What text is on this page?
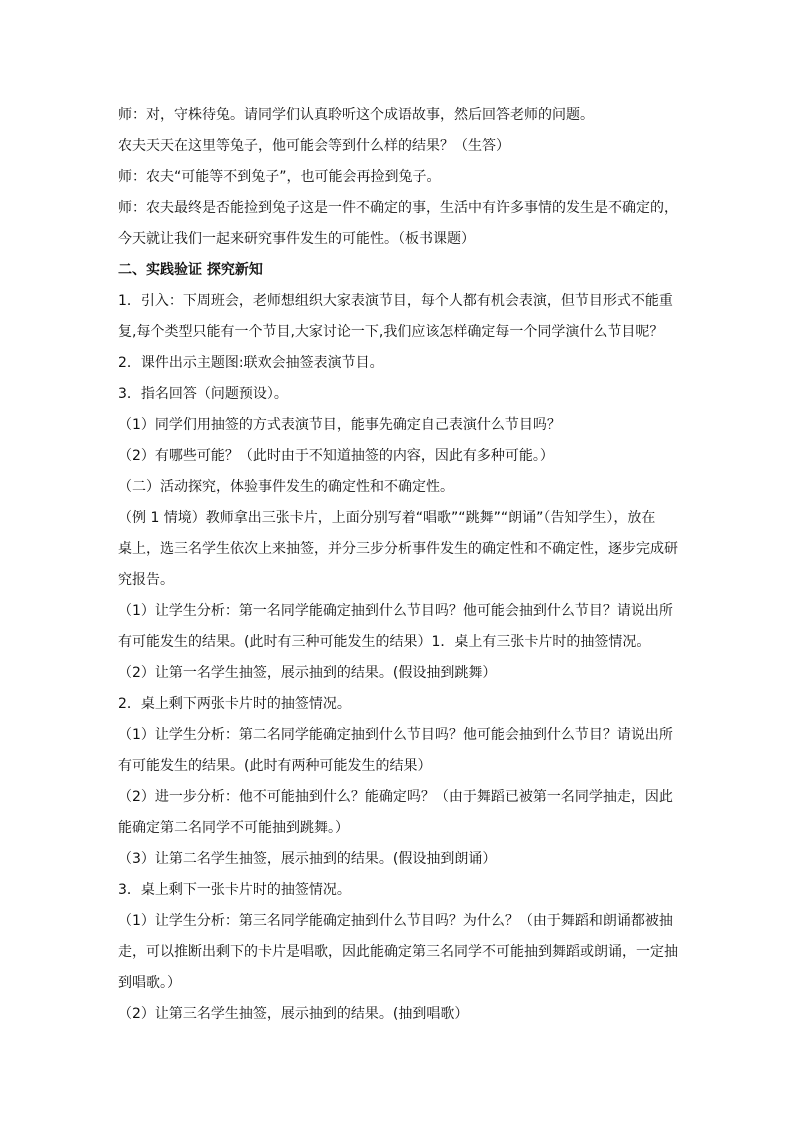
师：对，守株待兔。请同学们认真聆听这个成语故事，然后回答老师的问题。
农夫天天在这里等兔子，他可能会等到什么样的结果？（生答）
师：农夫“可能等不到兔子”，也可能会再捡到兔子。
师：农夫最终是否能捡到兔子这是一件不确定的事，生活中有许多事情的发生是不确定的，
今天就让我们一起来研究事件发生的可能性。（板书课题）
二、实践验证 探究新知
1．引入：下周班会，老师想组织大家表演节目，每个人都有机会表演，但节目形式不能重
复,每个类型只能有一个节目,大家讨论一下,我们应该怎样确定每一个同学演什么节目呢？
2．课件出示主题图:联欢会抽签表演节目。
3．指名回答（问题预设）。
（1）同学们用抽签的方式表演节目，能事先确定自己表演什么节目吗？
（2）有哪些可能？（此时由于不知道抽签的内容，因此有多种可能。）
（二）活动探究，体验事件发生的确定性和不确定性。
（例 1 情境）教师拿出三张卡片，上面分别写着“唱歌”“跳舞”“朗诵”（告知学生），放在
桌上，选三名学生依次上来抽签，并分三步分析事件发生的确定性和不确定性，逐步完成研
究报告。
（1）让学生分析：第一名同学能确定抽到什么节目吗？他可能会抽到什么节目？请说出所
有可能发生的结果。(此时有三种可能发生的结果）1．桌上有三张卡片时的抽签情况。
（2）让第一名学生抽签，展示抽到的结果。(假设抽到跳舞）
2．桌上剩下两张卡片时的抽签情况。
（1）让学生分析：第二名同学能确定抽到什么节目吗？他可能会抽到什么节目？请说出所
有可能发生的结果。(此时有两种可能发生的结果）
（2）进一步分析：他不可能抽到什么？能确定吗？（由于舞蹈已被第一名同学抽走，因此
能确定第二名同学不可能抽到跳舞。）
（3）让第二名学生抽签，展示抽到的结果。(假设抽到朗诵）
3．桌上剩下一张卡片时的抽签情况。
（1）让学生分析：第三名同学能确定抽到什么节目吗？为什么？（由于舞蹈和朗诵都被抽
走，可以推断出剩下的卡片是唱歌，因此能确定第三名同学不可能抽到舞蹈或朗诵，一定抽
到唱歌。）
（2）让第三名学生抽签，展示抽到的结果。(抽到唱歌）
